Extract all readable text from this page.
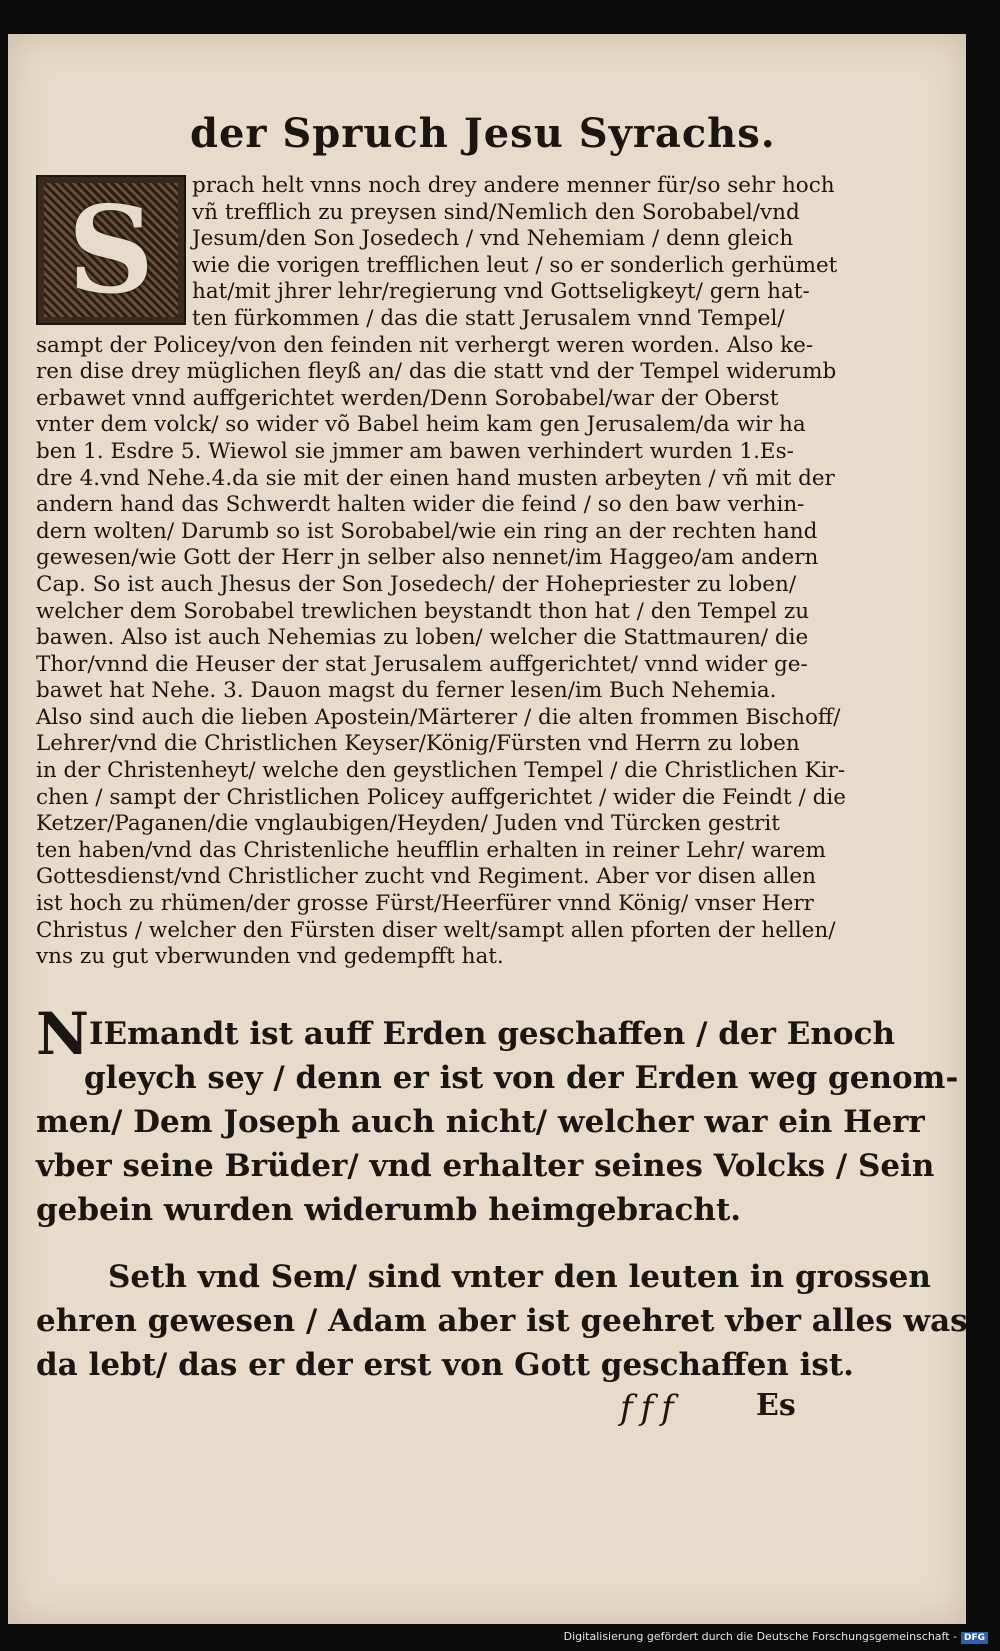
der Spruch Jesu Syrachs.
S	prach helt vnns noch drey andere menner für/so sehr hoch
vñ trefflich zu preysen sind/Nemlich den Sorobabel/vnd
Jesum/den Son Josedech / vnd Nehemiam / denn gleich
wie die vorigen trefflichen leut / so er sonderlich gerhümet
hat/mit jhrer lehr/regierung vnd Gottseligkeyt/ gern hat-
ten fürkommen / das die statt Jerusalem vnnd Tempel/
sampt der Policey/von den feinden nit verhergt weren worden. Also ke-
ren dise drey müglichen fleyß an/ das die statt vnd der Tempel widerumb
erbawet vnnd auffgerichtet werden/Denn Sorobabel/war der Oberst
vnter dem volck/ so wider võ Babel heim kam gen Jerusalem/da wir ha
ben 1. Esdre 5. Wiewol sie jmmer am bawen verhindert wurden 1.Es-
dre 4.vnd Nehe.4.da sie mit der einen hand musten arbeyten / vñ mit der
andern hand das Schwerdt halten wider die feind / so den baw verhin-
dern wolten/ Darumb so ist Sorobabel/wie ein ring an der rechten hand
gewesen/wie Gott der Herr jn selber also nennet/im Haggeo/am andern
Cap. So ist auch Jhesus der Son Josedech/ der Hohepriester zu loben/
welcher dem Sorobabel trewlichen beystandt thon hat / den Tempel zu
bawen. Also ist auch Nehemias zu loben/ welcher die Stattmauren/ die
Thor/vnnd die Heuser der stat Jerusalem auffgerichtet/ vnnd wider ge-
bawet hat Nehe. 3. Dauon magst du ferner lesen/im Buch Nehemia.
Also sind auch die lieben Apostein/Märterer / die alten frommen Bischoff/
Lehrer/vnd die Christlichen Keyser/König/Fürsten vnd Herrn zu loben
in der Christenheyt/ welche den geystlichen Tempel / die Christlichen Kir-
chen / sampt der Christlichen Policey auffgerichtet / wider die Feindt / die
Ketzer/Paganen/die vnglaubigen/Heyden/ Juden vnd Türcken gestrit
ten haben/vnd das Christenliche heufflin erhalten in reiner Lehr/ warem
Gottesdienst/vnd Christlicher zucht vnd Regiment. Aber vor disen allen
ist hoch zu rhümen/der grosse Fürst/Heerfürer vnnd König/ vnser Herr
Christus / welcher den Fürsten diser welt/sampt allen pforten der hellen/
vns zu gut vberwunden vnd gedempfft hat.
NIEmandt ist auff Erden geschaffen / der Enoch
gleych sey / denn er ist von der Erden weg genom-
men/ Dem Joseph auch nicht/ welcher war ein Herr
vber seine Brüder/ vnd erhalter seines Volcks / Sein
gebein wurden widerumb heimgebracht.
Seth vnd Sem/ sind vnter den leuten in grossen
ehren gewesen / Adam aber ist geehret vber alles was
da lebt/ das er der erst von Gott geschaffen ist.
fff Es
Digitalisierung gefördert durch die Deutsche Forschungsgemeinschaft - DFG
